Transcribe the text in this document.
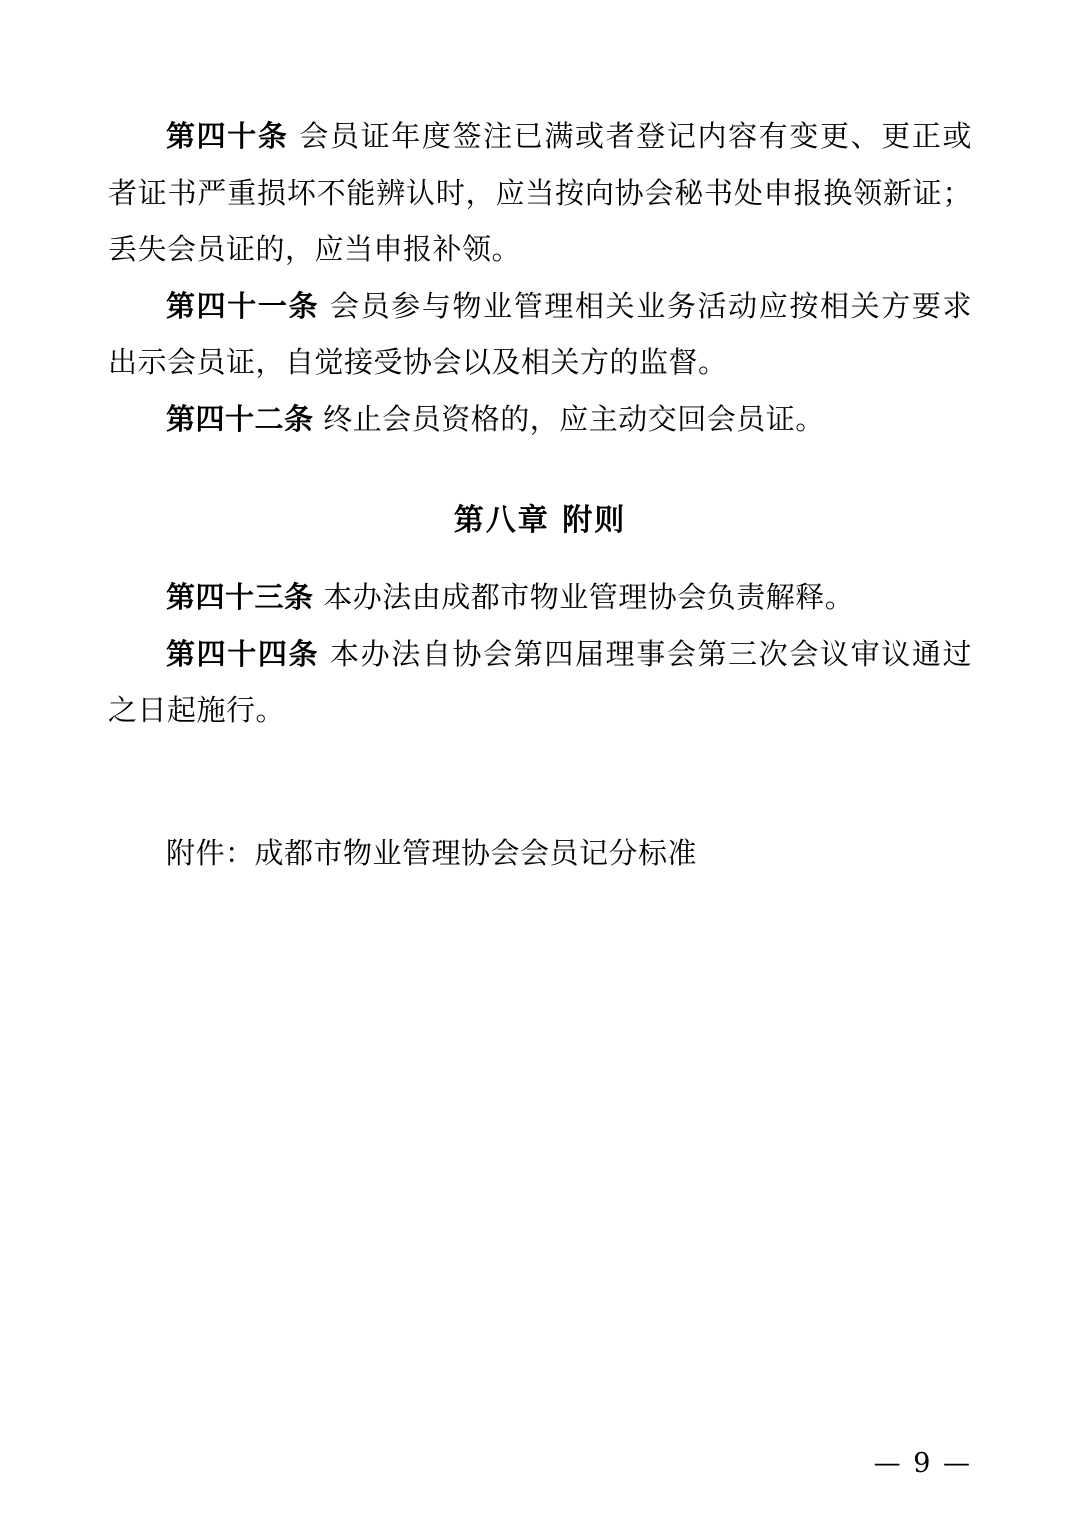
第四十条 会员证年度签注已满或者登记内容有变更、更正或者证书严重损坏不能辨认时，应当按向协会秘书处申报换领新证；丢失会员证的，应当申报补领。

第四十一条 会员参与物业管理相关业务活动应按相关方要求出示会员证，自觉接受协会以及相关方的监督。

第四十二条 终止会员资格的，应主动交回会员证。

第八章 附则

第四十三条 本办法由成都市物业管理协会负责解释。

第四十四条 本办法自协会第四届理事会第三次会议审议通过之日起施行。

附件：成都市物业管理协会会员记分标准

— 9 —
